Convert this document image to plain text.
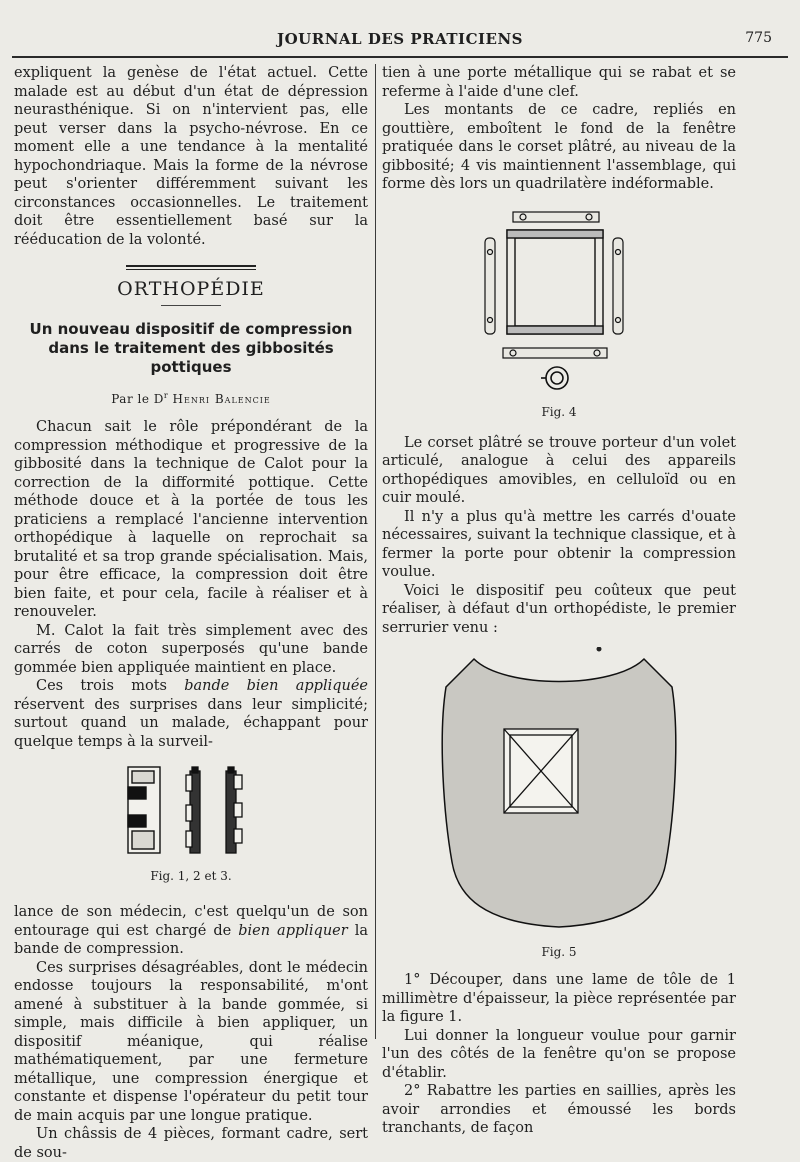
JOURNAL DES PRATICIENS	775

expliquent la genèse de l'état actuel. Cette malade est au début d'un état de dépression neurasthénique. Si on n'intervient pas, elle peut verser dans la psycho-névrose. En ce moment elle a une tendance à la mentalité hypochondriaque. Mais la forme de la névrose peut s'orienter différemment suivant les circonstances occasionnelles. Le traitement doit être essentiellement basé sur la rééducation de la volonté.

ORTHOPÉDIE
Un nouveau dispositif de compression
dans le traitement des gibbosités pottiques
Par le $D^r$ Henri Balencie

Chacun sait le rôle prépondérant de la compression méthodique et progressive de la gibbosité dans la technique de Calot pour la correction de la difformité pottique. Cette méthode douce et à la portée de tous les praticiens a remplacé l'ancienne intervention orthopédique à laquelle on reprochait sa brutalité et sa trop grande spécialisation. Mais, pour être efficace, la compression doit être bien faite, et pour cela, facile à réaliser et à renouveler.

M. Calot la fait très simplement avec des carrés de coton superposés qu'une bande gommée bien appliquée maintient en place.

Ces trois mots bande bien appliquée réservent des surprises dans leur simplicité; surtout quand un malade, échappant pour quelque temps à la surveil-

Fig. 1, 2 et 3.

lance de son médecin, c'est quelqu'un de son entourage qui est chargé de bien appliquer la bande de compression.

Ces surprises désagréables, dont le médecin endosse toujours la responsabilité, m'ont amené à substituer à la bande gommée, si simple, mais difficile à bien appliquer, un dispositif méanique, qui réalise mathématiquement, par une fermeture métallique, une compression énergique et constante et dispense l'opérateur du petit tour de main acquis par une longue pratique.

Un châssis de 4 pièces, formant cadre, sert de sou-

tien à une porte métallique qui se rabat et se referme à l'aide d'une clef.

Les montants de ce cadre, repliés en gouttière, emboîtent le fond de la fenêtre pratiquée dans le corset plâtré, au niveau de la gibbosité; 4 vis maintiennent l'assemblage, qui forme dès lors un quadrilatère indéformable.

Fig. 4

Le corset plâtré se trouve porteur d'un volet articulé, analogue à celui des appareils orthopédiques amovibles, en celluloïd ou en cuir moulé.

Il n'y a plus qu'à mettre les carrés d'ouate nécessaires, suivant la technique classique, et à fermer la porte pour obtenir la compression voulue.

Voici le dispositif peu coûteux que peut réaliser, à défaut d'un orthopédiste, le premier serrurier venu :

Fig. 5

1° Découper, dans une lame de tôle de 1 millimètre d'épaisseur, la pièce représentée par la figure 1.

Lui donner la longueur voulue pour garnir l'un des côtés de la fenêtre qu'on se propose d'établir.

2° Rabattre les parties en saillies, après les avoir arrondies et émoussé les bords tranchants, de façon
